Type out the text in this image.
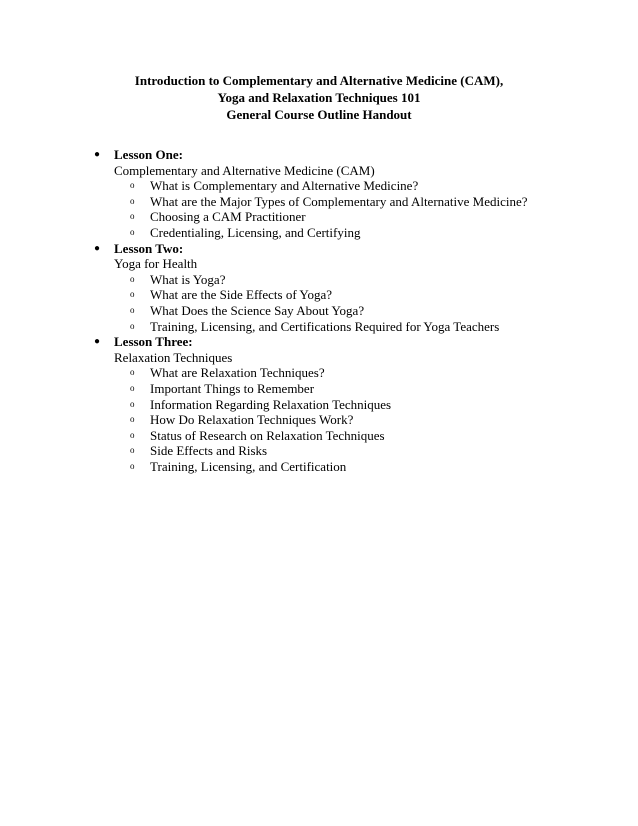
Introduction to Complementary and Alternative Medicine (CAM),
Yoga and Relaxation Techniques 101
General Course Outline Handout
● Lesson One:
Complementary and Alternative Medicine (CAM)
o What is Complementary and Alternative Medicine?
o What are the Major Types of Complementary and Alternative Medicine?
o Choosing a CAM Practitioner
o Credentialing, Licensing, and Certifying
● Lesson Two:
Yoga for Health
o What is Yoga?
o What are the Side Effects of Yoga?
o What Does the Science Say About Yoga?
o Training, Licensing, and Certifications Required for Yoga Teachers
● Lesson Three:
Relaxation Techniques
o What are Relaxation Techniques?
o Important Things to Remember
o Information Regarding Relaxation Techniques
o How Do Relaxation Techniques Work?
o Status of Research on Relaxation Techniques
o Side Effects and Risks
o Training, Licensing, and Certification
